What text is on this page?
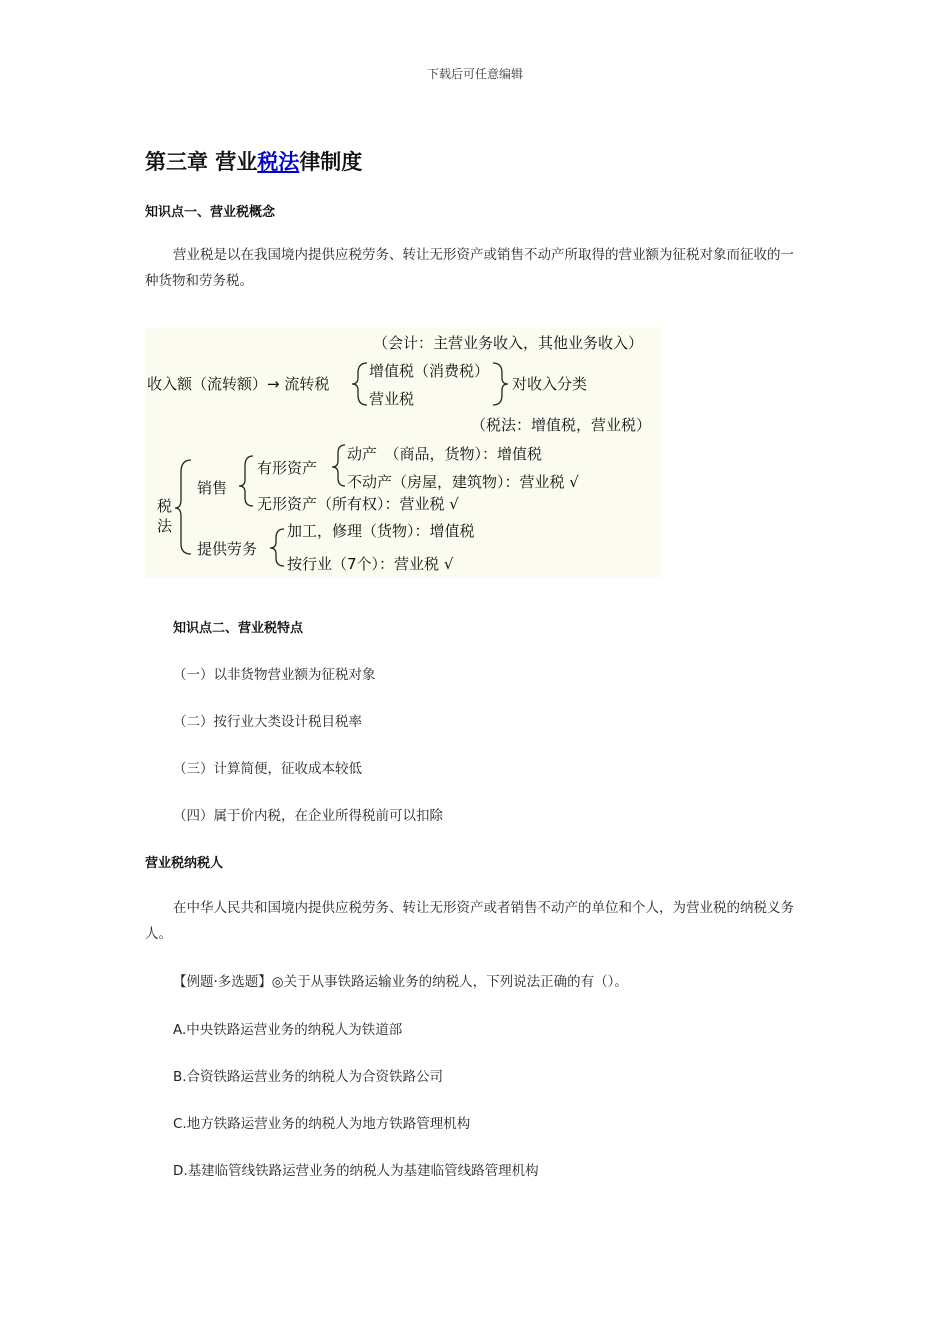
下载后可任意编辑
第三章 营业税法律制度
知识点一、营业税概念
营业税是以在我国境内提供应税劳务、转让无形资产或销售不动产所取得的营业额为征税对象而征收的一种货物和劳务税。
（会计：主营业务收入，其他业务收入）
收入额（流转额）→ 流转税
增值税（消费税）
营业税
对收入分类
（税法：增值税，营业税）
税
法
销售
有形资产
动产　（商品，货物）：增值税
不动产（房屋，建筑物）：营业税 √
无形资产（所有权）：营业税 √
提供劳务
加工，修理（货物）：增值税
按行业（7个）：营业税 √
知识点二、营业税特点
（一）以非货物营业额为征税对象
（二）按行业大类设计税目税率
（三）计算简便，征收成本较低
（四）属于价内税，在企业所得税前可以扣除
营业税纳税人
在中华人民共和国境内提供应税劳务、转让无形资产或者销售不动产的单位和个人，为营业税的纳税义务人。
【例题·多选题】◎关于从事铁路运输业务的纳税人，下列说法正确的有（）。
A.中央铁路运营业务的纳税人为铁道部
B.合资铁路运营业务的纳税人为合资铁路公司
C.地方铁路运营业务的纳税人为地方铁路管理机构
D.基建临管线铁路运营业务的纳税人为基建临管线路管理机构
